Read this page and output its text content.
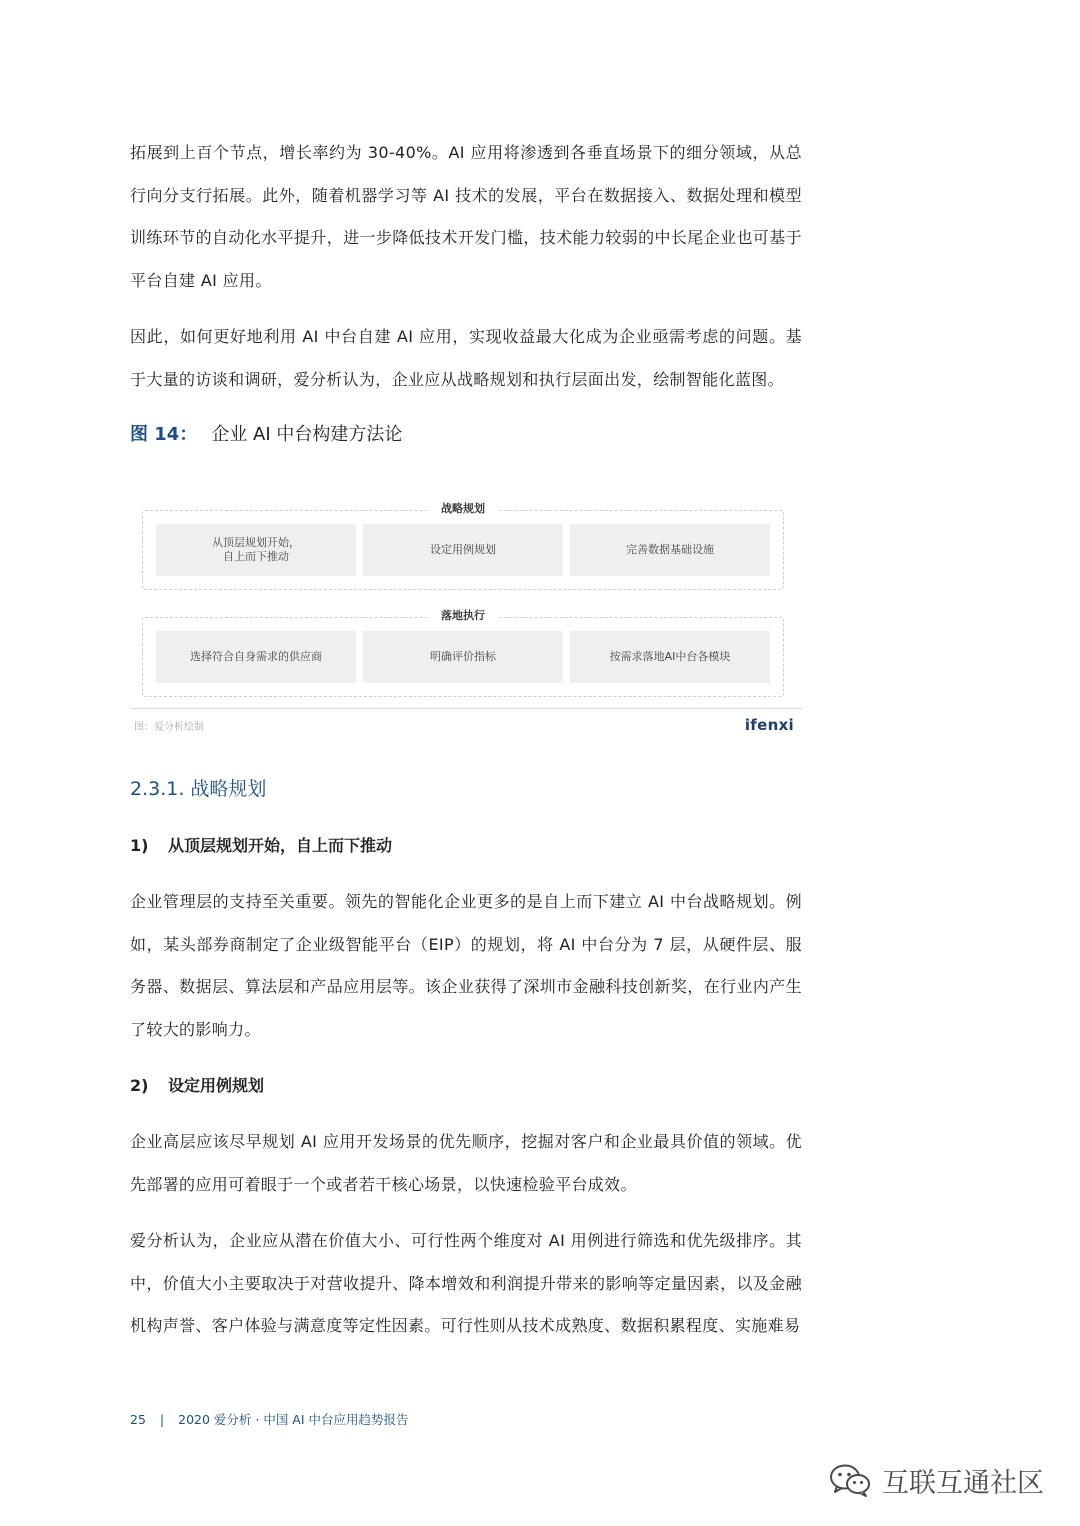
拓展到上百个节点，增长率约为 30-40%。AI 应用将渗透到各垂直场景下的细分领域，从总行向分支行拓展。此外，随着机器学习等 AI 技术的发展，平台在数据接入、数据处理和模型训练环节的自动化水平提升，进一步降低技术开发门槛，技术能力较弱的中长尾企业也可基于平台自建 AI 应用。

因此，如何更好地利用 AI 中台自建 AI 应用，实现收益最大化成为企业亟需考虑的问题。基于大量的访谈和调研，爱分析认为，企业应从战略规划和执行层面出发，绘制智能化蓝图。

图 14： 企业 AI 中台构建方法论
战略规划
从顶层规划开始，
自上而下推动
设定用例规划	完善数据基础设施
落地执行
选择符合自身需求的供应商	明确评价指标	按需求落地AI中台各模块
图：爱分析绘制	ifenxi
2.3.1. 战略规划
1) 从顶层规划开始，自上而下推动

企业管理层的支持至关重要。领先的智能化企业更多的是自上而下建立 AI 中台战略规划。例如，某头部券商制定了企业级智能平台（EIP）的规划，将 AI 中台分为 7 层，从硬件层、服务器、数据层、算法层和产品应用层等。该企业获得了深圳市金融科技创新奖，在行业内产生了较大的影响力。

2) 设定用例规划

企业高层应该尽早规划 AI 应用开发场景的优先顺序，挖掘对客户和企业最具价值的领域。优先部署的应用可着眼于一个或者若干核心场景，以快速检验平台成效。

爱分析认为，企业应从潜在价值大小、可行性两个维度对 AI 用例进行筛选和优先级排序。其中，价值大小主要取决于对营收提升、降本增效和利润提升带来的影响等定量因素，以及金融机构声誉、客户体验与满意度等定性因素。可行性则从技术成熟度、数据积累程度、实施难易

25 | 2020 爱分析 · 中国 AI 中台应用趋势报告
互联互通社区
